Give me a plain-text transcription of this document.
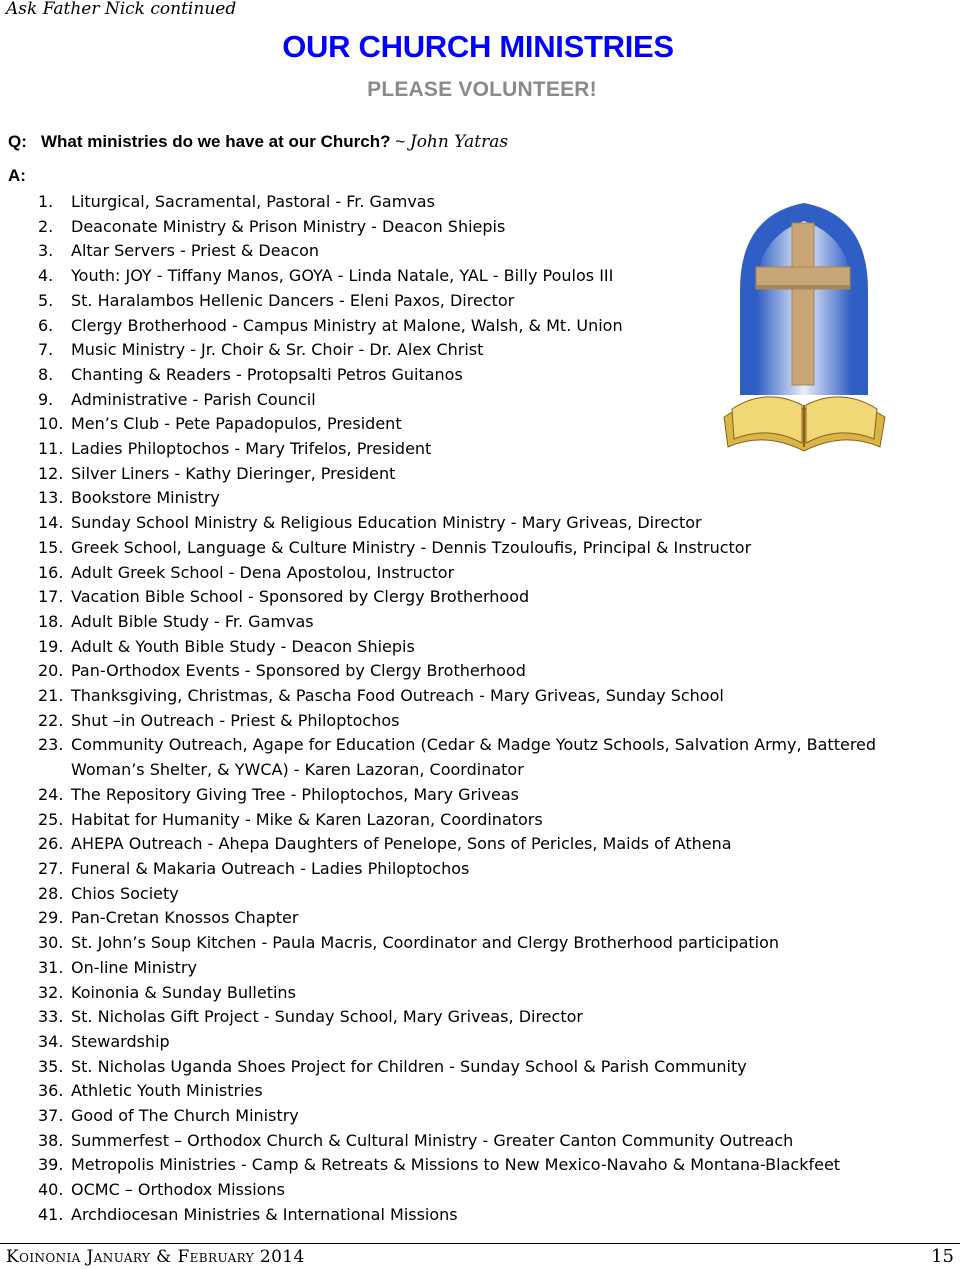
Ask Father Nick continued
OUR CHURCH MINISTRIES
PLEASE VOLUNTEER!
Q: What ministries do we have at our Church? ~ John Yatras
A:
1. Liturgical, Sacramental, Pastoral - Fr. Gamvas
2. Deaconate Ministry & Prison Ministry - Deacon Shiepis
3. Altar Servers - Priest & Deacon
4. Youth: JOY - Tiffany Manos, GOYA - Linda Natale, YAL - Billy Poulos III
5. St. Haralambos Hellenic Dancers - Eleni Paxos, Director
6. Clergy Brotherhood - Campus Ministry at Malone, Walsh, & Mt. Union
7. Music Ministry - Jr. Choir & Sr. Choir - Dr. Alex Christ
8. Chanting & Readers - Protopsalti Petros Guitanos
9. Administrative - Parish Council
10. Men’s Club - Pete Papadopulos, President
11. Ladies Philoptochos - Mary Trifelos, President
12. Silver Liners - Kathy Dieringer, President
13. Bookstore Ministry
14. Sunday School Ministry & Religious Education Ministry - Mary Griveas, Director
15. Greek School, Language & Culture Ministry - Dennis Tzouloufis, Principal & Instructor
16. Adult Greek School - Dena Apostolou, Instructor
17. Vacation Bible School - Sponsored by Clergy Brotherhood
18. Adult Bible Study - Fr. Gamvas
19. Adult & Youth Bible Study - Deacon Shiepis
20. Pan-Orthodox Events - Sponsored by Clergy Brotherhood
21. Thanksgiving, Christmas, & Pascha Food Outreach - Mary Griveas, Sunday School
22. Shut –in Outreach - Priest & Philoptochos
23. Community Outreach, Agape for Education (Cedar & Madge Youtz Schools, Salvation Army, Battered Woman’s Shelter, & YWCA) - Karen Lazoran, Coordinator
24. The Repository Giving Tree - Philoptochos, Mary Griveas
25. Habitat for Humanity - Mike & Karen Lazoran, Coordinators
26. AHEPA Outreach - Ahepa Daughters of Penelope, Sons of Pericles, Maids of Athena
27. Funeral & Makaria Outreach - Ladies Philoptochos
28. Chios Society
29. Pan-Cretan Knossos Chapter
30. St. John’s Soup Kitchen - Paula Macris, Coordinator and Clergy Brotherhood participation
31. On-line Ministry
32. Koinonia & Sunday Bulletins
33. St. Nicholas Gift Project - Sunday School, Mary Griveas, Director
34. Stewardship
35. St. Nicholas Uganda Shoes Project for Children - Sunday School & Parish Community
36. Athletic Youth Ministries
37. Good of The Church Ministry
38. Summerfest – Orthodox Church & Cultural Ministry - Greater Canton Community Outreach
39. Metropolis Ministries - Camp & Retreats & Missions to New Mexico-Navaho & Montana-Blackfeet
40. OCMC – Orthodox Missions
41. Archdiocesan Ministries & International Missions
Koinonia January & February 2014	15
